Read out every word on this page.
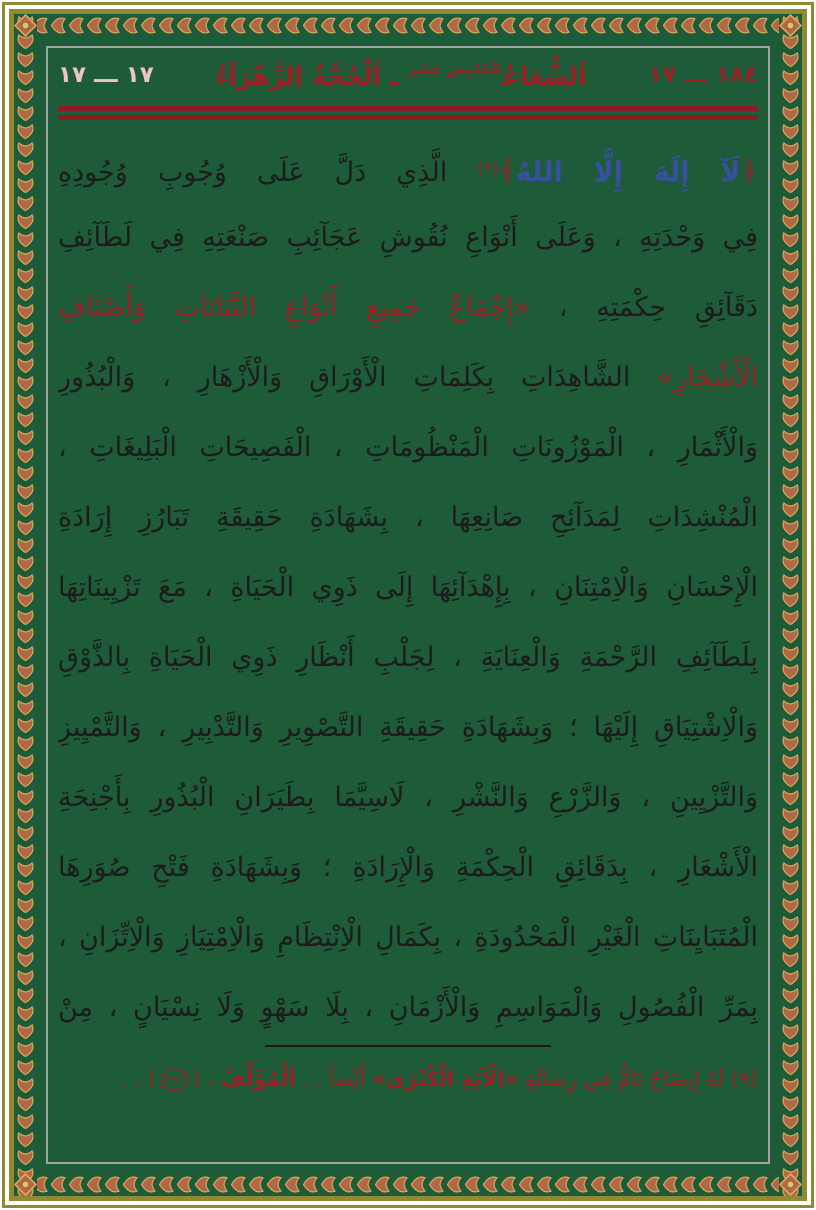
١٨٤ ـــ ١٧
اَلشُّعَاعُ$^{الْخَامِسَ عَشَرَ}$ ـ اَلْحُجَّةُ الزَّهْرَآءُ
١٧ ـــ ١٧
﴿لَآ إِلَهَ إِلَّا اللهُ﴾$^{(٩)}$ الَّذِي دَلَّ عَلَى وُجُوبِ وُجُودِهِ
فِي وَحْدَتِهِ ، وَعَلَى أَنْوَاعِ نُقُوشِ عَجَآئِبِ صَنْعَتِهِ فِي لَطَآئِفِ
دَقَآئِقِ حِكْمَتِهِ ، «إِجْمَاعُ جَمِيعِ أَنْوَاعِ النَّبَاتَاتِ وَأَصْنَافِ
الْأَشْجَارِ» الشَّاهِدَاتِ بِكَلِمَاتِ الْأَوْرَاقِ وَالْأَزْهَارِ ، وَالْبُذُورِ
وَالْأَثْمَارِ ، الْمَوْزُونَاتِ الْمَنْظُومَاتِ ، الْفَصِيحَاتِ الْبَلِيغَاتِ ،
الْمُنْشِدَاتِ لِمَدَآئِحِ صَانِعِهَا ، بِشَهَادَةِ حَقِيقَةِ تَبَارُزِ إِرَادَةِ
الْإِحْسَانِ وَالْاِمْتِنَانِ ، بِإِهْدَآئِهَا إِلَى ذَوِي الْحَيَاةِ ، مَعَ تَزْيِينَاتِهَا
بِلَطَآئِفِ الرَّحْمَةِ وَالْعِنَايَةِ ، لِجَلْبِ أَنْظَارِ ذَوِي الْحَيَاةِ بِالذَّوْقِ
وَالْاِشْتِيَاقِ إِلَيْهَا ؛ وَبِشَهَادَةِ حَقِيقَةِ التَّصْوِيرِ وَالتَّدْبِيرِ ، وَالتَّمْيِيزِ
وَالتَّزْيِينِ ، وَالزَّرْعِ وَالنَّشْرِ ، لَاسِيَّمَا بِطَيَرَانِ الْبُذُورِ بِأَجْنِحَةِ
الْأَشْعَارِ ، بِدَقَائِقِ الْحِكْمَةِ وَالْإِرَادَةِ ؛ وَبِشَهَادَةِ فَتْحِ صُوَرِهَا
الْمُتَبَايِنَاتِ الْغَيْرِ الْمَحْدُودَةِ ، بِكَمَالِ الْاِنْتِظَامِ وَالْاِمْتِيَازِ وَالْاِتِّزَانِ ،
بِمَرِّ الْفُصُولِ وَالْمَوَاسِمِ وَالْأَزْمَانِ ، بِلَا سَهْوٍ وَلَا نِسْيَانٍ ، مِنْ
(٩) لَهُ إِيضَاحٌ تَامٌّ فِي رِسَالَةِ «الْآيَةِ الْكُبْرَى» أَيْضاً . . اَلْمُؤَلِّفُ ، () . .
